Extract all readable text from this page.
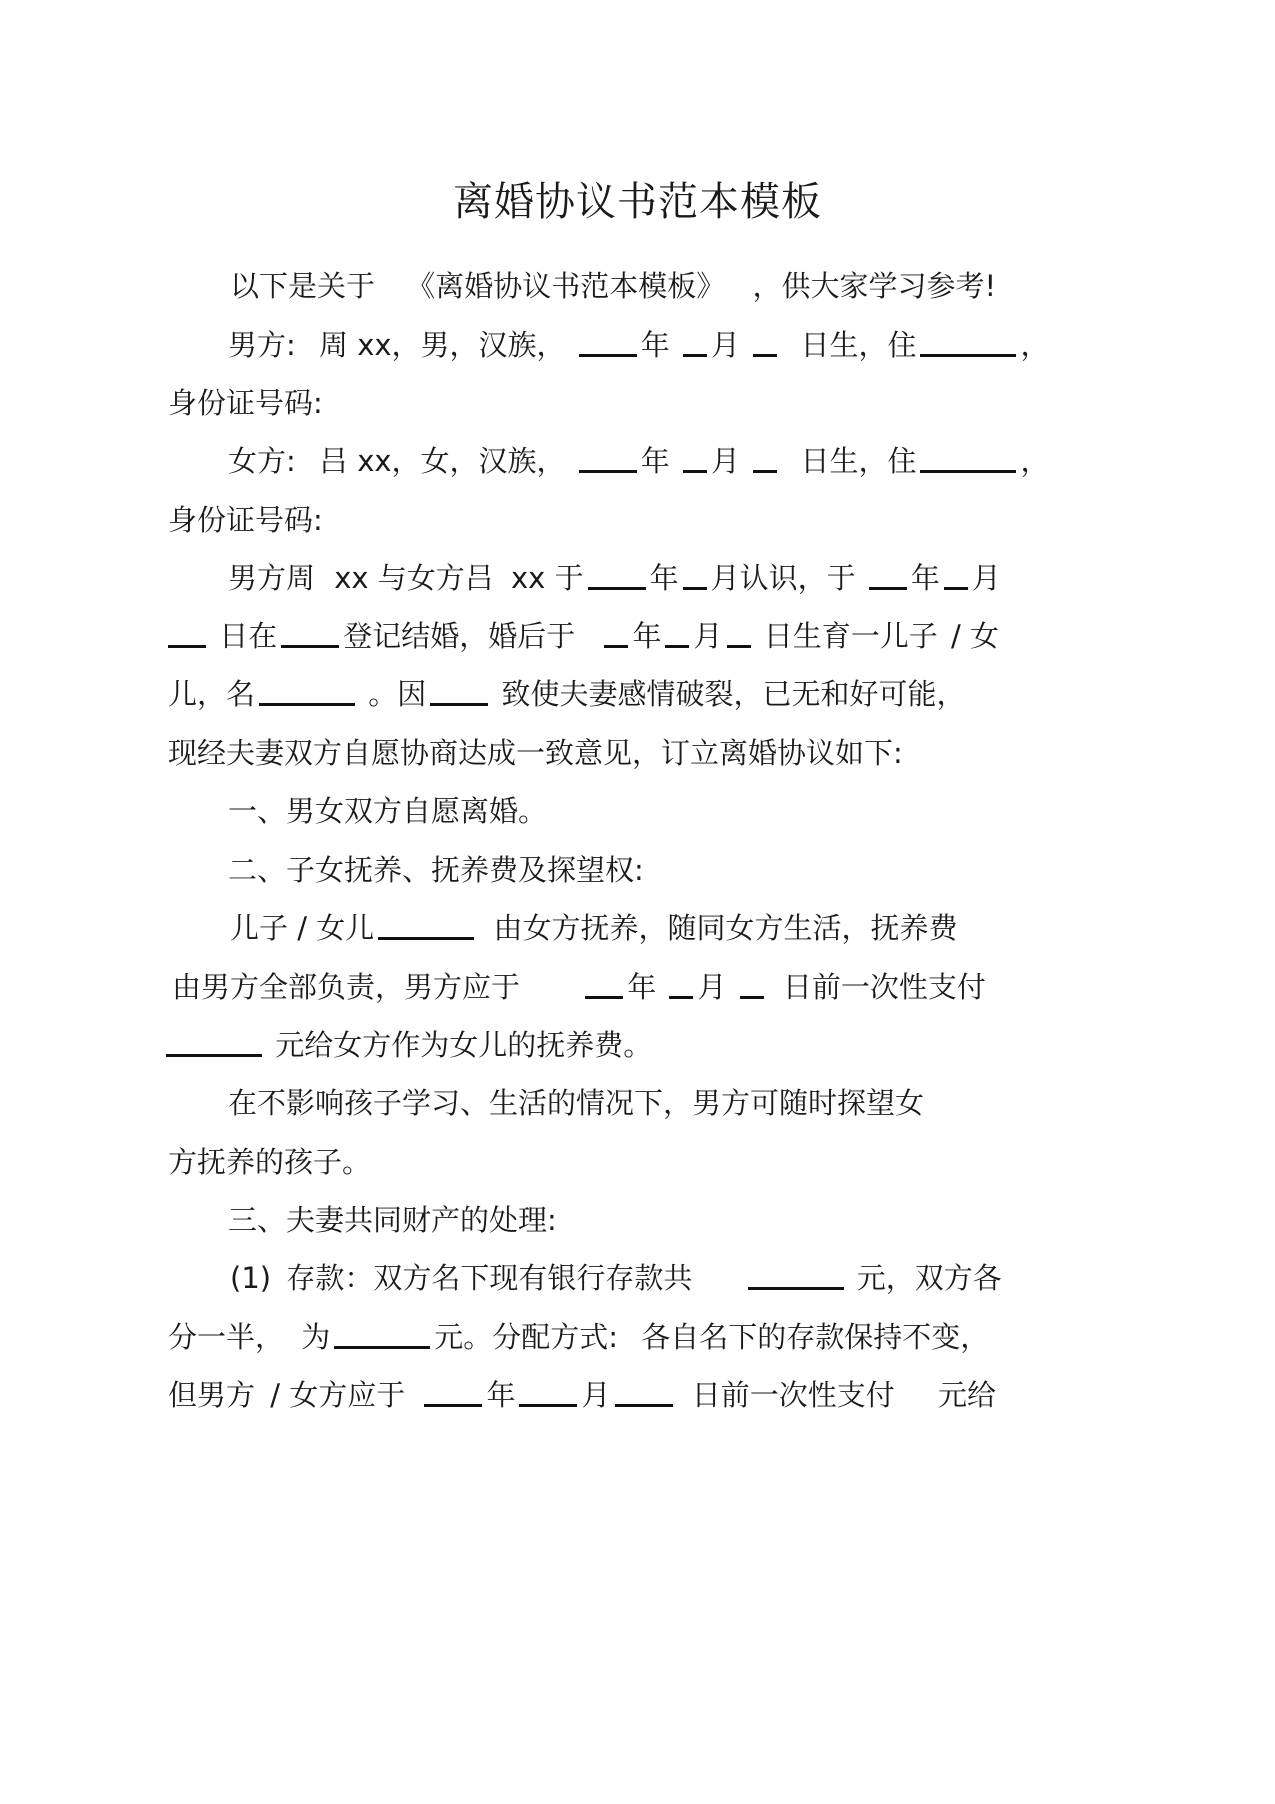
离婚协议书范本模板
以下是关于 《离婚协议书范本模板》 ，供大家学习参考!
男方: 周 xx，男，汉族，	年 月 日生，住	，
身份证号码:
女方: 吕 xx，女，汉族，	年 月 日生，住	，
身份证号码:
男方周 xx 与女方吕 xx 于 年 月认识，于 年 月
日在 登记结婚，婚后于 年 月 日生育一儿子 / 女
儿，名	。因	致使夫妻感情破裂，已无和好可能，
现经夫妻双方自愿协商达成一致意见，订立离婚协议如下:
一、男女双方自愿离婚。
二、子女抚养、抚养费及探望权:
儿子 / 女儿	由女方抚养，随同女方生活，抚养费
由男方全部负责，男方应于	年 月 日前一次性支付
元给女方作为女儿的抚养费。
在不影响孩子学习、生活的情况下，男方可随时探望女
方抚养的孩子。
三、夫妻共同财产的处理:
(1) 存款：双方名下现有银行存款共	元，双方各
分一半， 为	元。分配方式: 各自名下的存款保持不变，
但男方 / 女方应于	年 月	日前一次性支付 元给
